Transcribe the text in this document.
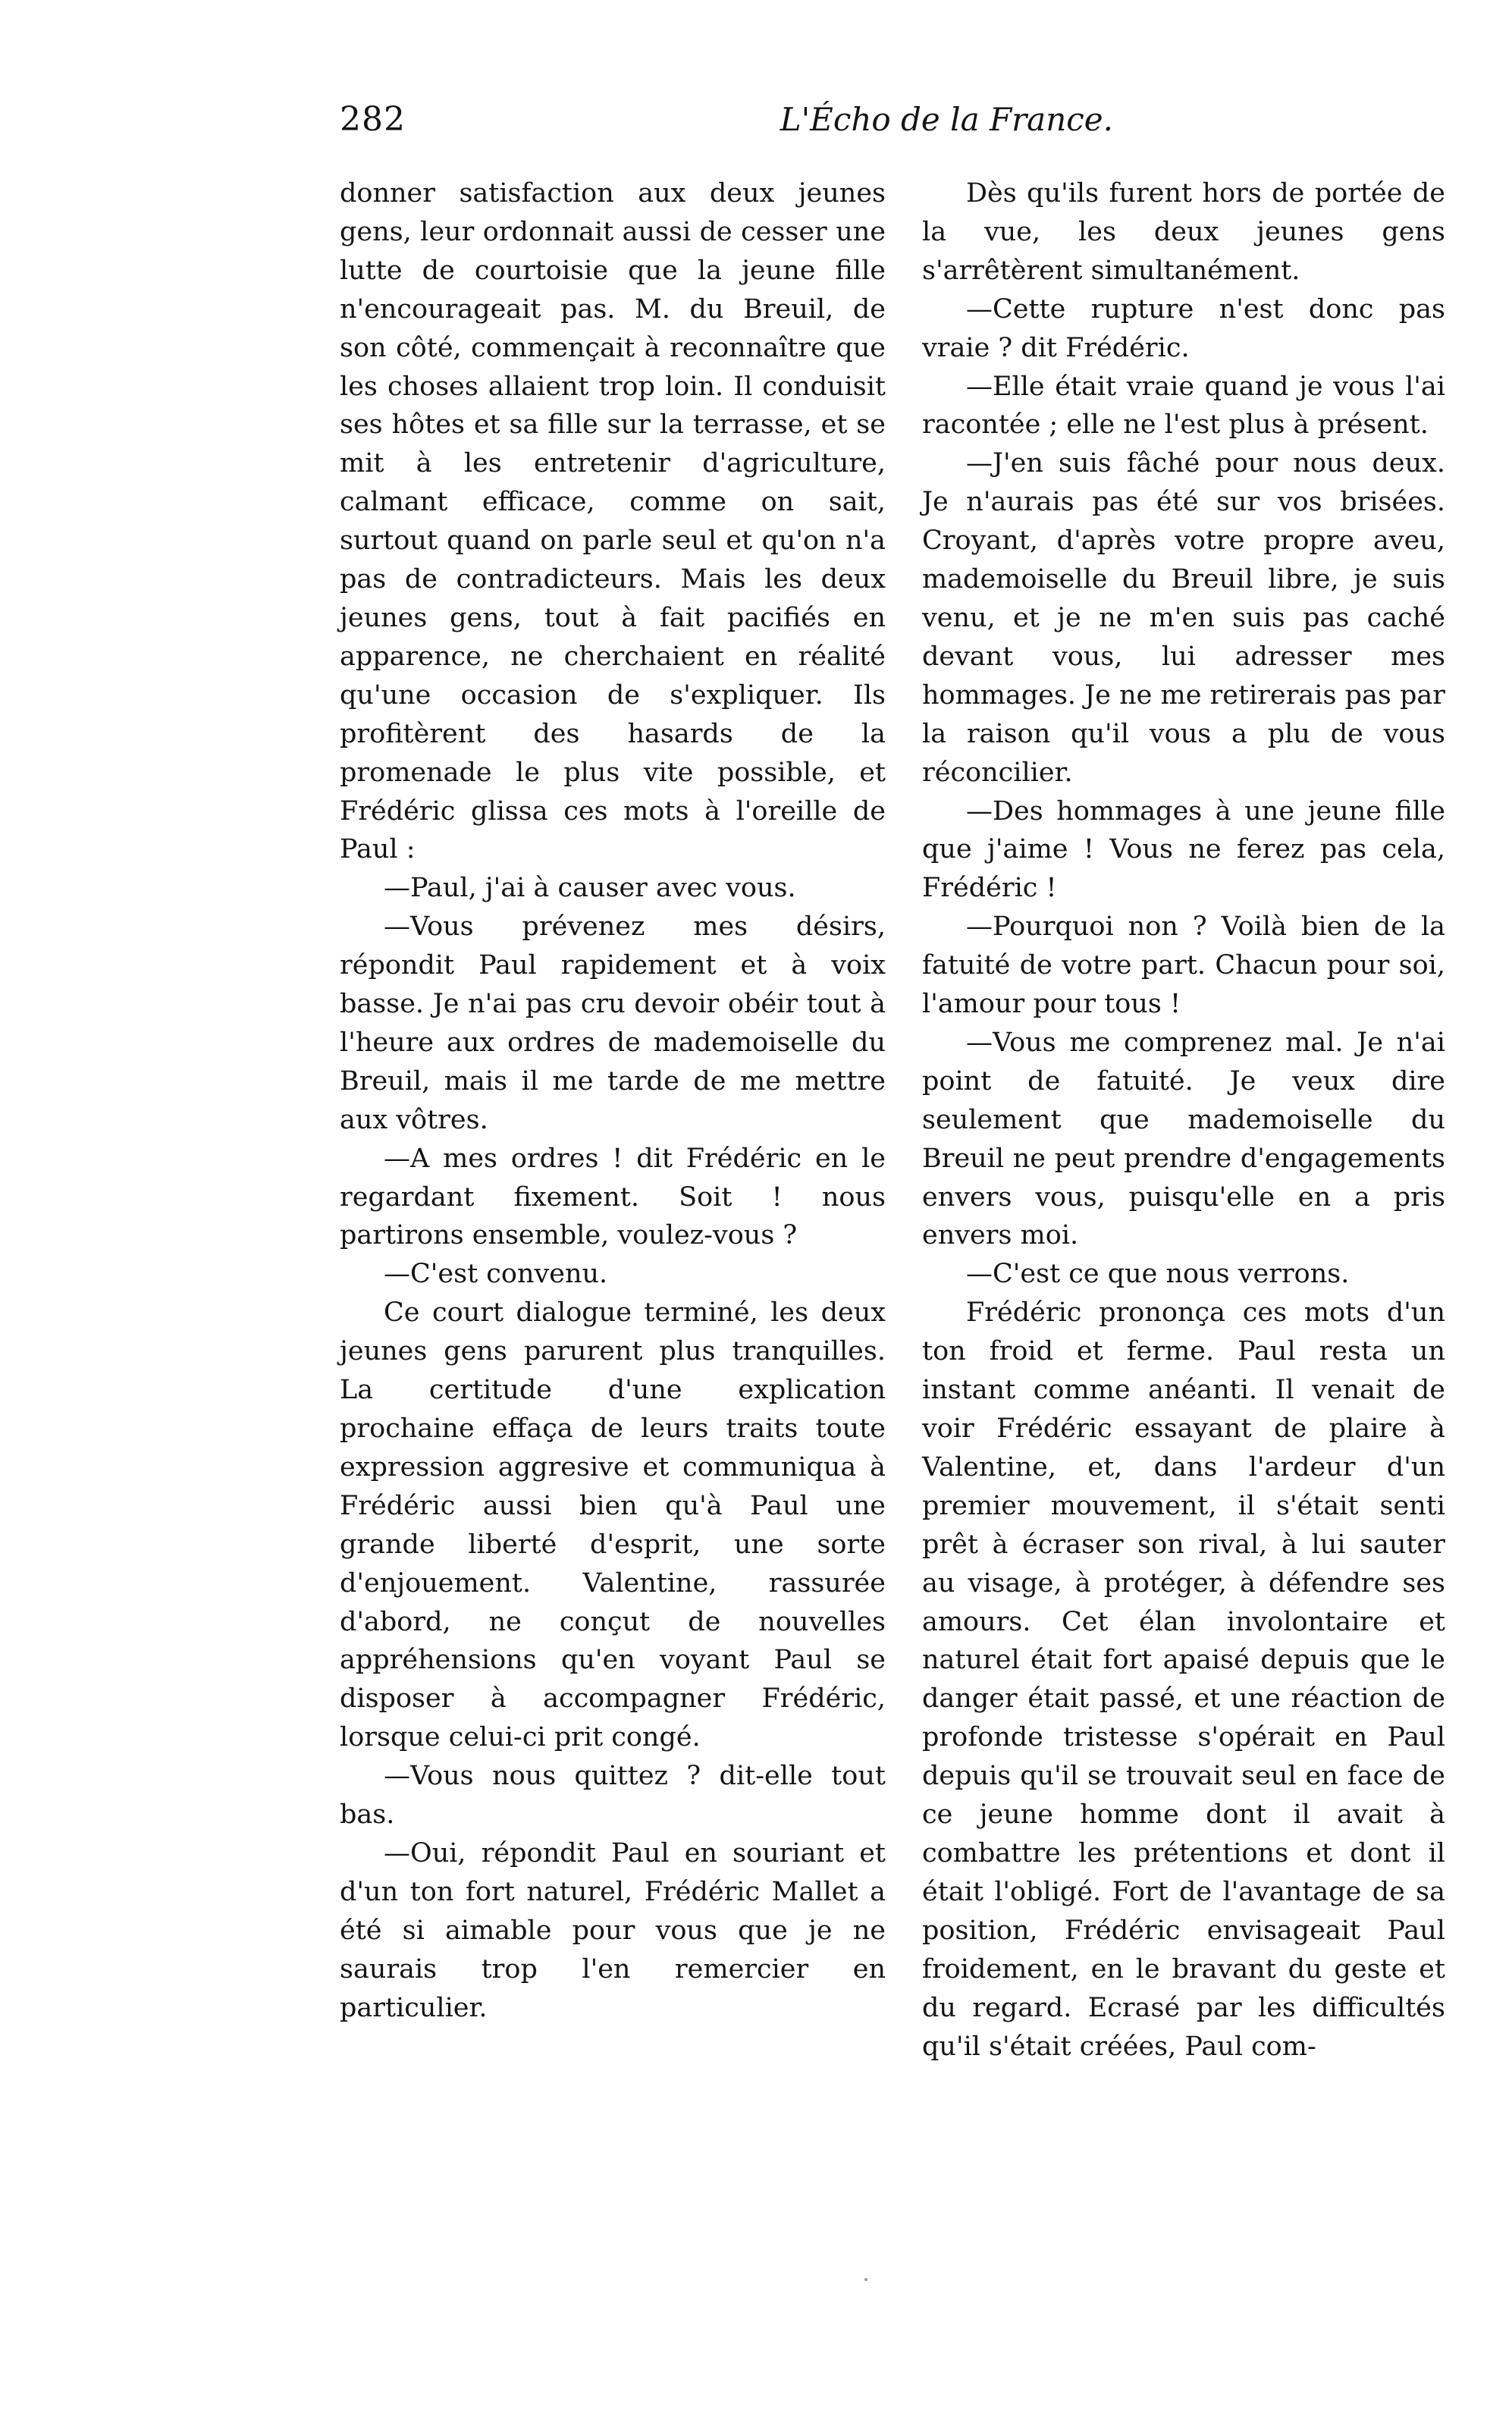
282	L'Écho de la France.

donner satisfaction aux deux jeunes gens, leur ordonnait aussi de cesser une lutte de courtoisie que la jeune fille n'encourageait pas. M. du Breuil, de son côté, commençait à reconnaître que les choses allaient trop loin. Il conduisit ses hôtes et sa fille sur la terrasse, et se mit à les entretenir d'agriculture, calmant efficace, comme on sait, surtout quand on parle seul et qu'on n'a pas de contradicteurs. Mais les deux jeunes gens, tout à fait pacifiés en apparence, ne cherchaient en réalité qu'une occasion de s'expliquer. Ils profitèrent des hasards de la promenade le plus vite possible, et Frédéric glissa ces mots à l'oreille de Paul :

—Paul, j'ai à causer avec vous.

—Vous prévenez mes désirs, répondit Paul rapidement et à voix basse. Je n'ai pas cru devoir obéir tout à l'heure aux ordres de mademoiselle du Breuil, mais il me tarde de me mettre aux vôtres.

—A mes ordres ! dit Frédéric en le regardant fixement. Soit ! nous partirons ensemble, voulez-vous ?

—C'est convenu.

Ce court dialogue terminé, les deux jeunes gens parurent plus tranquilles. La certitude d'une explication prochaine effaça de leurs traits toute expression aggresive et communiqua à Frédéric aussi bien qu'à Paul une grande liberté d'esprit, une sorte d'enjouement. Valentine, rassurée d'abord, ne conçut de nouvelles appréhensions qu'en voyant Paul se disposer à accompagner Frédéric, lorsque celui-ci prit congé.

—Vous nous quittez ? dit-elle tout bas.

—Oui, répondit Paul en souriant et d'un ton fort naturel, Frédéric Mallet a été si aimable pour vous que je ne saurais trop l'en remercier en particulier.

Dès qu'ils furent hors de portée de la vue, les deux jeunes gens s'arrêtèrent simultanément.

—Cette rupture n'est donc pas vraie ? dit Frédéric.

—Elle était vraie quand je vous l'ai racontée ; elle ne l'est plus à présent.

—J'en suis fâché pour nous deux. Je n'aurais pas été sur vos brisées. Croyant, d'après votre propre aveu, mademoiselle du Breuil libre, je suis venu, et je ne m'en suis pas caché devant vous, lui adresser mes hommages. Je ne me retirerais pas par la raison qu'il vous a plu de vous réconcilier.

—Des hommages à une jeune fille que j'aime ! Vous ne ferez pas cela, Frédéric !

—Pourquoi non ? Voilà bien de la fatuité de votre part. Chacun pour soi, l'amour pour tous !

—Vous me comprenez mal. Je n'ai point de fatuité. Je veux dire seulement que mademoiselle du Breuil ne peut prendre d'engagements envers vous, puisqu'elle en a pris envers moi.

—C'est ce que nous verrons.

Frédéric prononça ces mots d'un ton froid et ferme. Paul resta un instant comme anéanti. Il venait de voir Frédéric essayant de plaire à Valentine, et, dans l'ardeur d'un premier mouvement, il s'était senti prêt à écraser son rival, à lui sauter au visage, à protéger, à défendre ses amours. Cet élan involontaire et naturel était fort apaisé depuis que le danger était passé, et une réaction de profonde tristesse s'opérait en Paul depuis qu'il se trouvait seul en face de ce jeune homme dont il avait à combattre les prétentions et dont il était l'obligé. Fort de l'avantage de sa position, Frédéric envisageait Paul froidement, en le bravant du geste et du regard. Ecrasé par les difficultés qu'il s'était créées, Paul com-
